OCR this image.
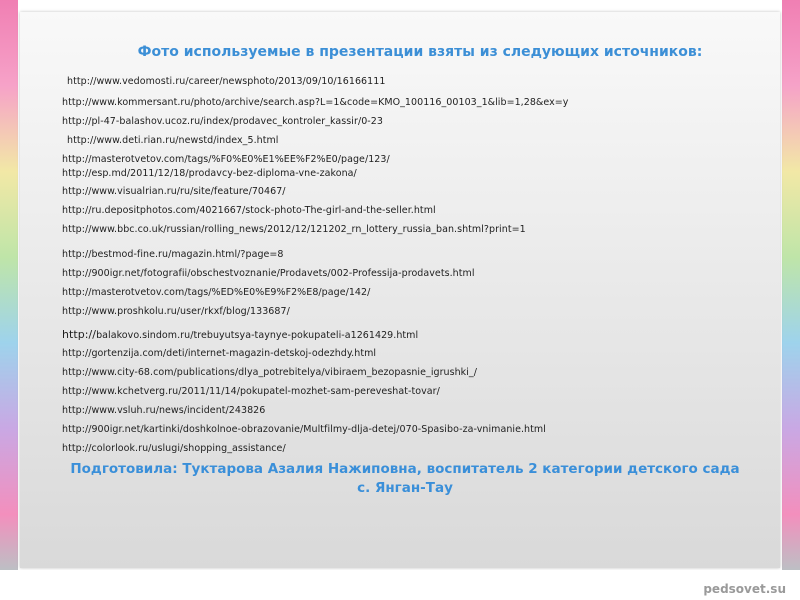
Фото используемые в презентации взяты из следующих источников:
http://www.vedomosti.ru/career/newsphoto/2013/09/10/16166111
http://www.kommersant.ru/photo/archive/search.asp?L=1&code=KMO_100116_00103_1&lib=1,28&ex=y
http://pl-47-balashov.ucoz.ru/index/prodavec_kontroler_kassir/0-23
http://www.deti.rian.ru/newstd/index_5.html
http://masterotvetov.com/tags/%F0%E0%E1%EE%F2%E0/page/123/
http://esp.md/2011/12/18/prodavcy-bez-diploma-vne-zakona/
http://www.visualrian.ru/ru/site/feature/70467/
http://ru.depositphotos.com/4021667/stock-photo-The-girl-and-the-seller.html
http://www.bbc.co.uk/russian/rolling_news/2012/12/121202_rn_lottery_russia_ban.shtml?print=1
http://bestmod-fine.ru/magazin.html/?page=8
http://900igr.net/fotografii/obschestvoznanie/Prodavets/002-Professija-prodavets.html
http://masterotvetov.com/tags/%ED%E0%E9%F2%E8/page/142/
http://www.proshkolu.ru/user/rkxf/blog/133687/
http://balakovo.sindom.ru/trebuyutsya-taynye-pokupateli-a1261429.html
http://gortenzija.com/deti/internet-magazin-detskoj-odezhdy.html
http://www.city-68.com/publications/dlya_potrebitelya/vibiraem_bezopasnie_igrushki_/
http://www.kchetverg.ru/2011/11/14/pokupatel-mozhet-sam-pereveshat-tovar/
http://www.vsluh.ru/news/incident/243826
http://900igr.net/kartinki/doshkolnoe-obrazovanie/Multfilmy-dlja-detej/070-Spasibo-za-vnimanie.html
http://colorlook.ru/uslugi/shopping_assistance/
Подготовила: Туктарова Азалия Нажиповна, воспитатель 2 категории детского сада
с. Янган-Тау
pedsovet.su
